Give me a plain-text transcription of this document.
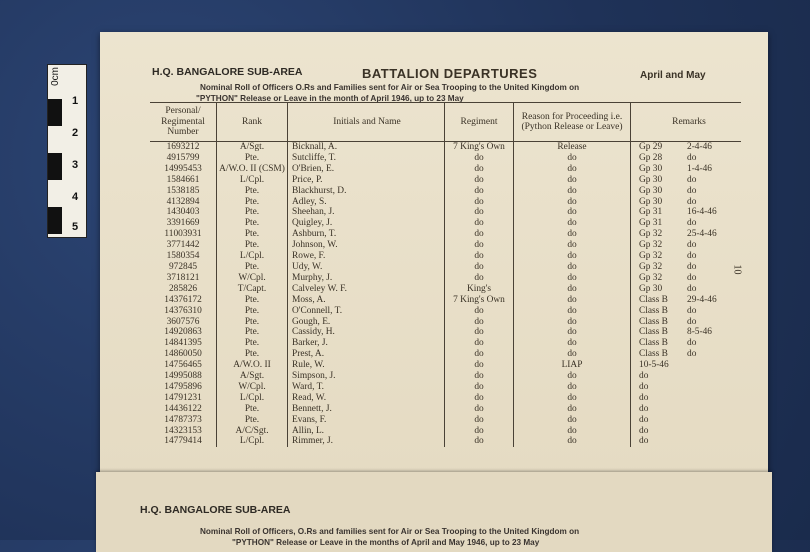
0cm
1
2
3
4
5
H.Q. BANGALORE SUB-AREA	BATTALION DEPARTURES	April and May
Nominal Roll of Officers O.Rs and Families sent for Air or Sea Trooping to the United Kingdom on
"PYTHON" Release or Leave in the month of April 1946, up to 23 May
Personal/ Regimental Number	Rank	Initials and Name	Regiment	Reason for Proceeding i.e. (Python Release or Leave)	Remarks
1693212	A/Sgt.	Bicknall, A.	7 King's Own	Release	Gp 29 2-4-46
4915799	Pte.	Sutcliffe, T.	do	do	Gp 28 do
14995453	A/W.O. II (CSM)	O'Brien, E.	do	do	Gp 30 1-4-46
1584661	L/Cpl.	Price, P.	do	do	Gp 30 do
1538185	Pte.	Blackhurst, D.	do	do	Gp 30 do
4132894	Pte.	Adley, S.	do	do	Gp 30 do
1430403	Pte.	Sheehan, J.	do	do	Gp 31 16-4-46
3391669	Pte.	Quigley, J.	do	do	Gp 31 do
11003931	Pte.	Ashburn, T.	do	do	Gp 32 25-4-46
3771442	Pte.	Johnson, W.	do	do	Gp 32 do
1580354	L/Cpl.	Rowe, F.	do	do	Gp 32 do
972845	Pte.	Udy, W.	do	do	Gp 32 do
3718121	W/Cpl.	Murphy, J.	do	do	Gp 32 do
285826	T/Capt.	Calveley W. F.	King's	do	Gp 30 do
14376172	Pte.	Moss, A.	7 King's Own	do	Class B 29-4-46
14376310	Pte.	O'Connell, T.	do	do	Class B do
3607576	Pte.	Gough, E.	do	do	Class B do
14920863	Pte.	Cassidy, H.	do	do	Class B 8-5-46
14841395	Pte.	Barker, J.	do	do	Class B do
14860050	Pte.	Prest, A.	do	do	Class B do
14756465	A/W.O. II	Rule, W.	do	LIAP	10-5-46
14995088	A/Sgt.	Simpson, J.	do	do	do
14795896	W/Cpl.	Ward, T.	do	do	do
14791231	L/Cpl.	Read, W.	do	do	do
14436122	Pte.	Bennett, J.	do	do	do
14787373	Pte.	Evans, F.	do	do	do
14323153	A/C/Sgt.	Allin, L.	do	do	do
14779414	L/Cpl.	Rimmer, J.	do	do	do
10
H.Q. BANGALORE SUB-AREA
Nominal Roll of Officers, O.Rs and families sent for Air or Sea Trooping to the United Kingdom on
"PYTHON" Release or Leave in the months of April and May 1946, up to 23 May
